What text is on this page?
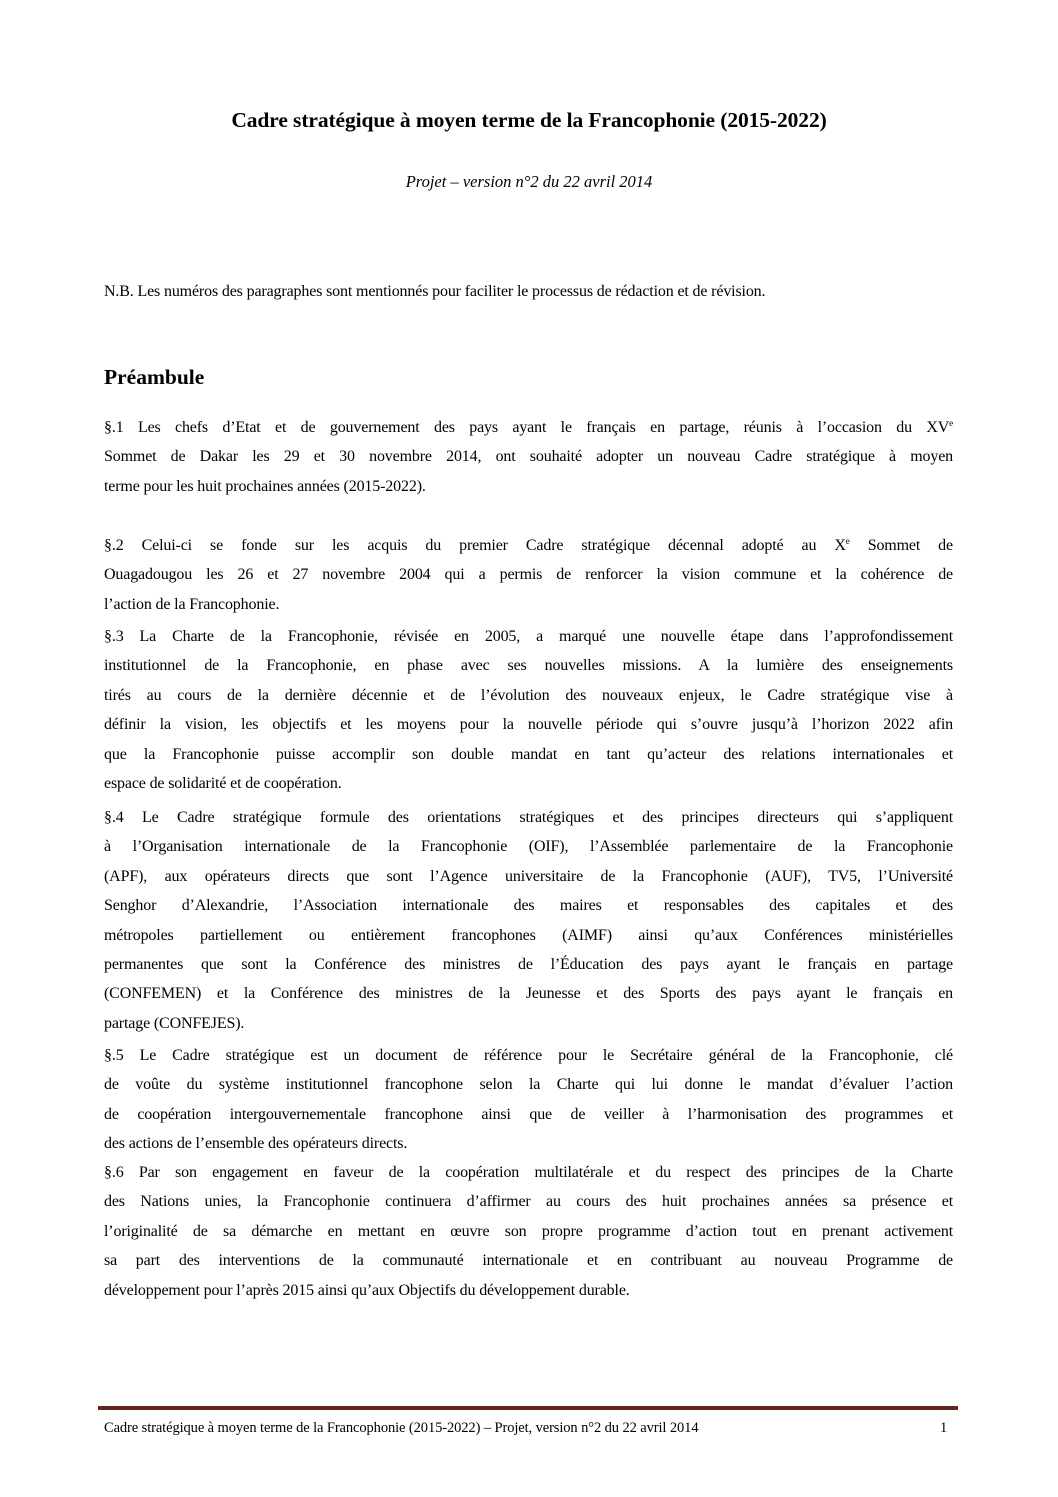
Cadre stratégique à moyen terme de la Francophonie (2015-2022)

Projet – version n°2 du 22 avril 2014

N.B. Les numéros des paragraphes sont mentionnés pour faciliter le processus de rédaction et de révision.

Préambule
§.1 Les chefs d’Etat et de gouvernement des pays ayant le français en partage, réunis à l’occasion du XVe
Sommet de Dakar les 29 et 30 novembre 2014, ont souhaité adopter un nouveau Cadre stratégique à moyen
terme pour les huit prochaines années (2015-2022).
§.2 Celui-ci se fonde sur les acquis du premier Cadre stratégique décennal adopté au Xe Sommet de
Ouagadougou les 26 et 27 novembre 2004 qui a permis de renforcer la vision commune et la cohérence de
l’action de la Francophonie.
§.3 La Charte de la Francophonie, révisée en 2005, a marqué une nouvelle étape dans l’approfondissement
institutionnel de la Francophonie, en phase avec ses nouvelles missions. A la lumière des enseignements
tirés au cours de la dernière décennie et de l’évolution des nouveaux enjeux, le Cadre stratégique vise à
définir la vision, les objectifs et les moyens pour la nouvelle période qui s’ouvre jusqu’à l’horizon 2022 afin
que la Francophonie puisse accomplir son double mandat en tant qu’acteur des relations internationales et
espace de solidarité et de coopération.
§.4 Le Cadre stratégique formule des orientations stratégiques et des principes directeurs qui s’appliquent
à l’Organisation internationale de la Francophonie (OIF), l’Assemblée parlementaire de la Francophonie
(APF), aux opérateurs directs que sont l’Agence universitaire de la Francophonie (AUF), TV5, l’Université
Senghor d’Alexandrie, l’Association internationale des maires et responsables des capitales et des
métropoles partiellement ou entièrement francophones (AIMF) ainsi qu’aux Conférences ministérielles
permanentes que sont la Conférence des ministres de l’Éducation des pays ayant le français en partage
(CONFEMEN) et la Conférence des ministres de la Jeunesse et des Sports des pays ayant le français en
partage (CONFEJES).
§.5 Le Cadre stratégique est un document de référence pour le Secrétaire général de la Francophonie, clé
de voûte du système institutionnel francophone selon la Charte qui lui donne le mandat d’évaluer l’action
de coopération intergouvernementale francophone ainsi que de veiller à l’harmonisation des programmes et
des actions de l’ensemble des opérateurs directs.
§.6 Par son engagement en faveur de la coopération multilatérale et du respect des principes de la Charte
des Nations unies, la Francophonie continuera d’affirmer au cours des huit prochaines années sa présence et
l’originalité de sa démarche en mettant en œuvre son propre programme d’action tout en prenant activement
sa part des interventions de la communauté internationale et en contribuant au nouveau Programme de
développement pour l’après 2015 ainsi qu’aux Objectifs du développement durable.
Cadre stratégique à moyen terme de la Francophonie (2015-2022) – Projet, version n°2 du 22 avril 2014	1
